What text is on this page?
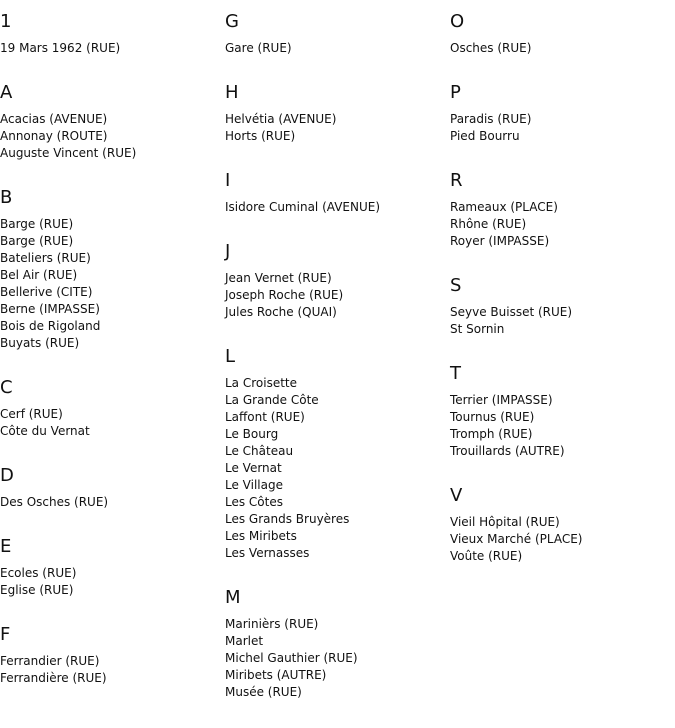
1
19 Mars 1962 (RUE)
A
Acacias (AVENUE)
Annonay (ROUTE)
Auguste Vincent (RUE)
B
Barge (RUE)
Barge (RUE)
Bateliers (RUE)
Bel Air (RUE)
Bellerive (CITE)
Berne (IMPASSE)
Bois de Rigoland
Buyats (RUE)
C
Cerf (RUE)
Côte du Vernat
D
Des Osches (RUE)
E
Ecoles (RUE)
Eglise (RUE)
F
Ferrandier (RUE)
Ferrandière (RUE)
G
Gare (RUE)
H
Helvétia (AVENUE)
Horts (RUE)
I
Isidore Cuminal (AVENUE)
J
Jean Vernet (RUE)
Joseph Roche (RUE)
Jules Roche (QUAI)
L
La Croisette
La Grande Côte
Laffont (RUE)
Le Bourg
Le Château
Le Vernat
Le Village
Les Côtes
Les Grands Bruyères
Les Miribets
Les Vernasses
M
Marinièrs (RUE)
Marlet
Michel Gauthier (RUE)
Miribets (AUTRE)
Musée (RUE)
O
Osches (RUE)
P
Paradis (RUE)
Pied Bourru
R
Rameaux (PLACE)
Rhône (RUE)
Royer (IMPASSE)
S
Seyve Buisset (RUE)
St Sornin
T
Terrier (IMPASSE)
Tournus (RUE)
Tromph (RUE)
Trouillards (AUTRE)
V
Vieil Hôpital (RUE)
Vieux Marché (PLACE)
Voûte (RUE)
